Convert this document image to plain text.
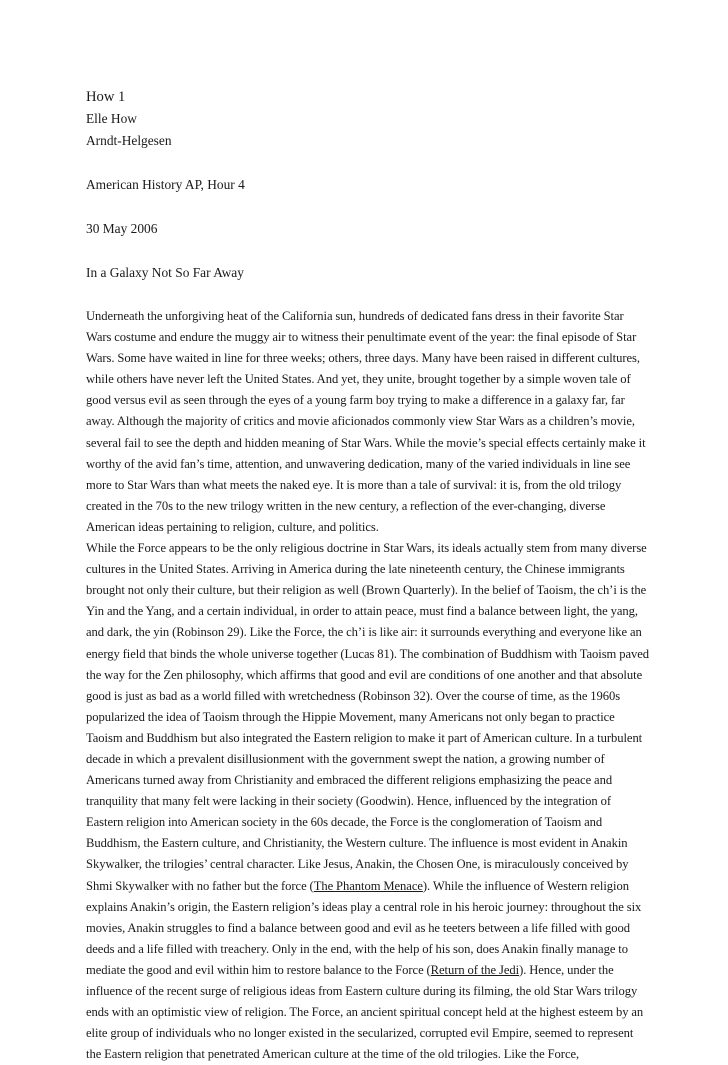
How 1
Elle How
Arndt-Helgesen
American History AP, Hour 4
30 May 2006
In a Galaxy Not So Far Away

Underneath the unforgiving heat of the California sun, hundreds of dedicated fans dress in their favorite Star Wars costume and endure the muggy air to witness their penultimate event of the year: the final episode of Star Wars. Some have waited in line for three weeks; others, three days. Many have been raised in different cultures, while others have never left the United States. And yet, they unite, brought together by a simple woven tale of good versus evil as seen through the eyes of a young farm boy trying to make a difference in a galaxy far, far away. Although the majority of critics and movie aficionados commonly view Star Wars as a children’s movie, several fail to see the depth and hidden meaning of Star Wars. While the movie’s special effects certainly make it worthy of the avid fan’s time, attention, and unwavering dedication, many of the varied individuals in line see more to Star Wars than what meets the naked eye. It is more than a tale of survival: it is, from the old trilogy created in the 70s to the new trilogy written in the new century, a reflection of the ever-changing, diverse American ideas pertaining to religion, culture, and politics.

While the Force appears to be the only religious doctrine in Star Wars, its ideals actually stem from many diverse cultures in the United States. Arriving in America during the late nineteenth century, the Chinese immigrants brought not only their culture, but their religion as well (Brown Quarterly). In the belief of Taoism, the ch’i is the Yin and the Yang, and a certain individual, in order to attain peace, must find a balance between light, the yang, and dark, the yin (Robinson 29). Like the Force, the ch’i is like air: it surrounds everything and everyone like an energy field that binds the whole universe together (Lucas 81). The combination of Buddhism with Taoism paved the way for the Zen philosophy, which affirms that good and evil are conditions of one another and that absolute good is just as bad as a world filled with wretchedness (Robinson 32). Over the course of time, as the 1960s popularized the idea of Taoism through the Hippie Movement, many Americans not only began to practice Taoism and Buddhism but also integrated the Eastern religion to make it part of American culture. In a turbulent decade in which a prevalent disillusionment with the government swept the nation, a growing number of Americans turned away from Christianity and embraced the different religions emphasizing the peace and tranquility that many felt were lacking in their society (Goodwin). Hence, influenced by the integration of Eastern religion into American society in the 60s decade, the Force is the conglomeration of Taoism and Buddhism, the Eastern culture, and Christianity, the Western culture. The influence is most evident in Anakin Skywalker, the trilogies’ central character. Like Jesus, Anakin, the Chosen One, is miraculously conceived by Shmi Skywalker with no father but the force (The Phantom Menace). While the influence of Western religion explains Anakin’s origin, the Eastern religion’s ideas play a central role in his heroic journey: throughout the six movies, Anakin struggles to find a balance between good and evil as he teeters between a life filled with good deeds and a life filled with treachery. Only in the end, with the help of his son, does Anakin finally manage to mediate the good and evil within him to restore balance to the Force (Return of the Jedi). Hence, under the influence of the recent surge of religious ideas from Eastern culture during its filming, the old Star Wars trilogy ends with an optimistic view of religion. The Force, an ancient spiritual concept held at the highest esteem by an elite group of individuals who no longer existed in the secularized, corrupted evil Empire, seemed to represent the Eastern religion that penetrated American culture at the time of the old trilogies. Like the Force,
